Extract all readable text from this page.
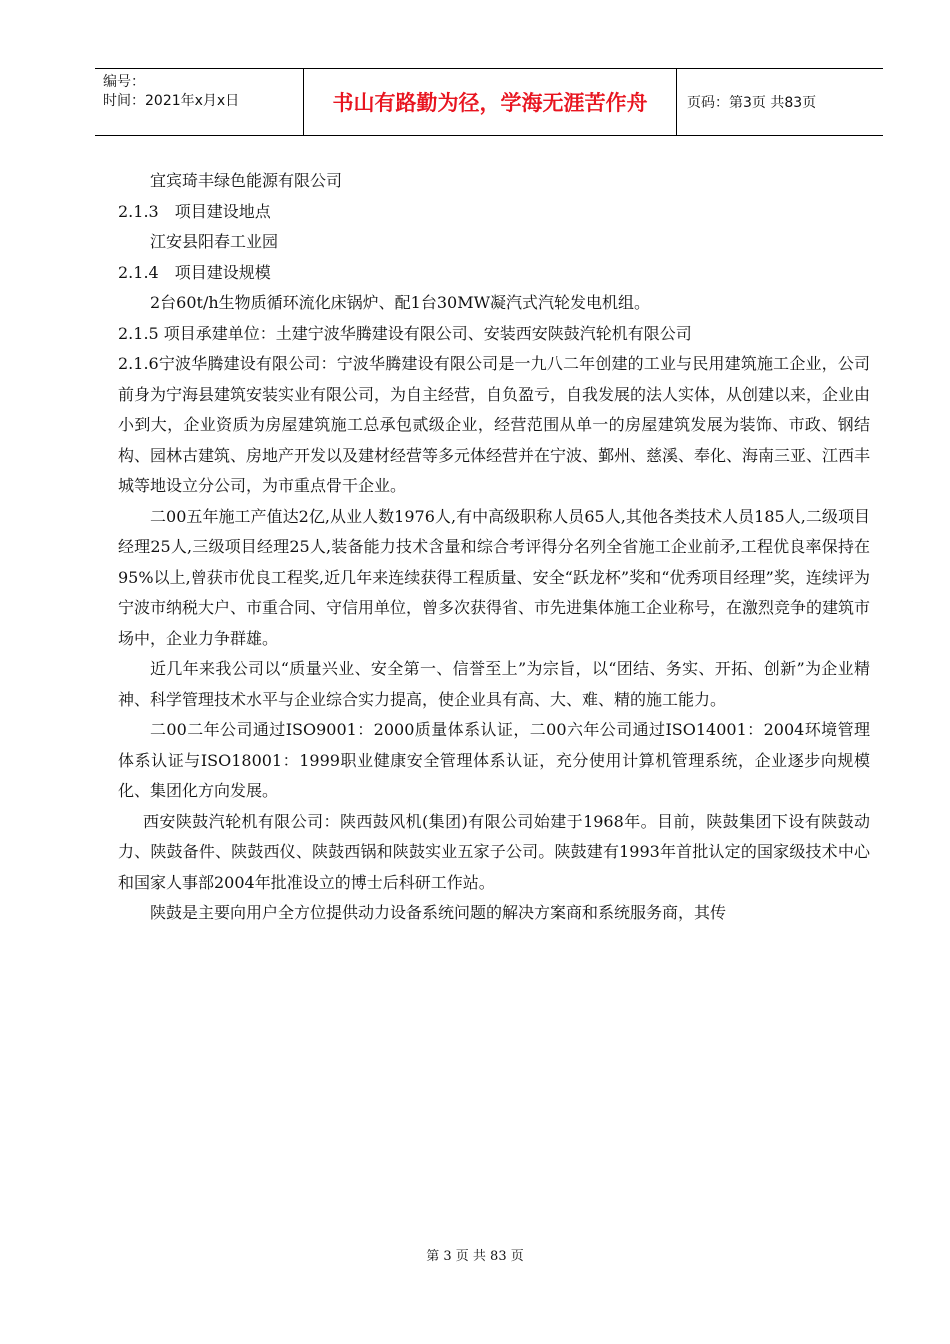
编号：
时间：2021年x月x日	书山有路勤为径，学海无涯苦作舟	页码：第3页 共83页

宜宾琦丰绿色能源有限公司

2.1.3　项目建设地点

江安县阳春工业园

2.1.4　项目建设规模

2台60t/h生物质循环流化床锅炉、配1台30MW凝汽式汽轮发电机组。

2.1.5 项目承建单位：土建宁波华腾建设有限公司、安装西安陕鼓汽轮机有限公司

2.1.6宁波华腾建设有限公司：宁波华腾建设有限公司是一九八二年创建的工业与民用建筑施工企业，公司前身为宁海县建筑安装实业有限公司，为自主经营，自负盈亏，自我发展的法人实体，从创建以来，企业由小到大，企业资质为房屋建筑施工总承包贰级企业，经营范围从单一的房屋建筑发展为装饰、市政、钢结构、园林古建筑、房地产开发以及建材经营等多元体经营并在宁波、鄞州、慈溪、奉化、海南三亚、江西丰城等地设立分公司，为市重点骨干企业。

二00五年施工产值达2亿,从业人数1976人,有中高级职称人员65人,其他各类技术人员185人,二级项目经理25人,三级项目经理25人,装备能力技术含量和综合考评得分名列全省施工企业前矛,工程优良率保持在95%以上,曾获市优良工程奖,近几年来连续获得工程质量、安全“跃龙杯”奖和“优秀项目经理”奖，连续评为宁波市纳税大户、市重合同、守信用单位，曾多次获得省、市先进集体施工企业称号，在激烈竞争的建筑市场中，企业力争群雄。

近几年来我公司以“质量兴业、安全第一、信誉至上”为宗旨，以“团结、务实、开拓、创新”为企业精神、科学管理技术水平与企业综合实力提高，使企业具有高、大、难、精的施工能力。

二00二年公司通过ISO9001：2000质量体系认证，二00六年公司通过ISO14001：2004环境管理体系认证与ISO18001：1999职业健康安全管理体系认证，充分使用计算机管理系统，企业逐步向规模化、集团化方向发展。

西安陕鼓汽轮机有限公司：陕西鼓风机(集团)有限公司始建于1968年。目前，陕鼓集团下设有陕鼓动力、陕鼓备件、陕鼓西仪、陕鼓西锅和陕鼓实业五家子公司。陕鼓建有1993年首批认定的国家级技术中心和国家人事部2004年批准设立的博士后科研工作站。

陕鼓是主要向用户全方位提供动力设备系统问题的解决方案商和系统服务商，其传

第 3 页 共 83 页
